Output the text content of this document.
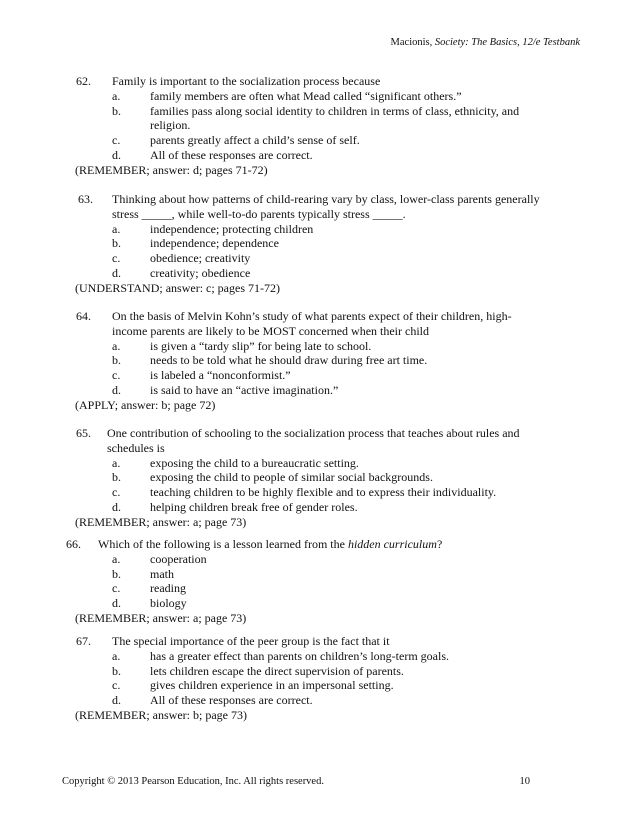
Macionis, Society: The Basics, 12/e Testbank
62. Family is important to the socialization process because
a. family members are often what Mead called “significant others.”
b. families pass along social identity to children in terms of class, ethnicity, and
religion.
c. parents greatly affect a child’s sense of self.
d. All of these responses are correct.
(REMEMBER; answer: d; pages 71-72)
63. Thinking about how patterns of child-rearing vary by class, lower-class parents generally
stress _____, while well-to-do parents typically stress _____.
a. independence; protecting children
b. independence; dependence
c. obedience; creativity
d. creativity; obedience
(UNDERSTAND; answer: c; pages 71-72)
64. On the basis of Melvin Kohn’s study of what parents expect of their children, high-
income parents are likely to be MOST concerned when their child
a. is given a “tardy slip” for being late to school.
b. needs to be told what he should draw during free art time.
c. is labeled a “nonconformist.”
d. is said to have an “active imagination.”
(APPLY; answer: b; page 72)
65. One contribution of schooling to the socialization process that teaches about rules and
schedules is
a. exposing the child to a bureaucratic setting.
b. exposing the child to people of similar social backgrounds.
c. teaching children to be highly flexible and to express their individuality.
d. helping children break free of gender roles.
(REMEMBER; answer: a; page 73)
66. Which of the following is a lesson learned from the hidden curriculum?
a. cooperation
b. math
c. reading
d. biology
(REMEMBER; answer: a; page 73)
67. The special importance of the peer group is the fact that it
a. has a greater effect than parents on children’s long-term goals.
b. lets children escape the direct supervision of parents.
c. gives children experience in an impersonal setting.
d. All of these responses are correct.
(REMEMBER; answer: b; page 73)
Copyright © 2013 Pearson Education, Inc. All rights reserved.	10
